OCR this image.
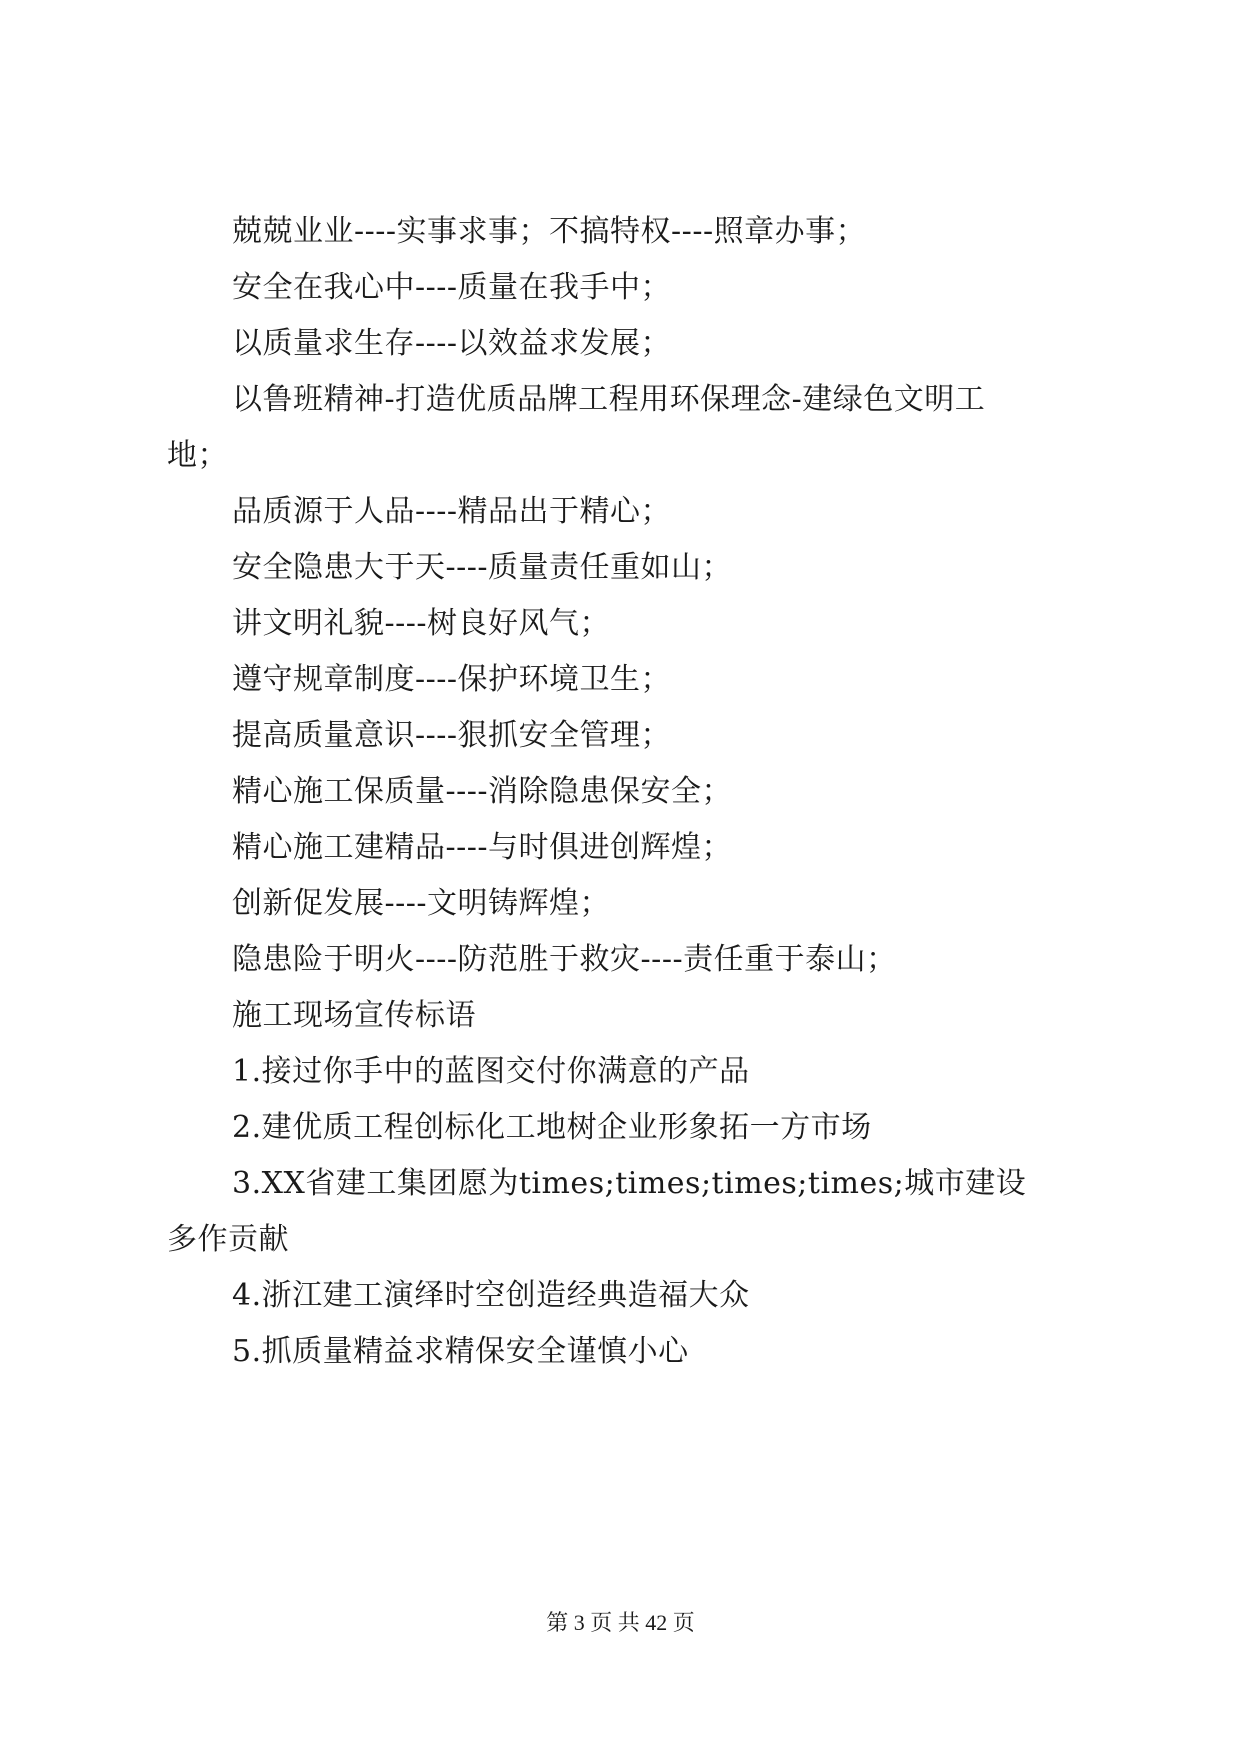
兢兢业业----实事求事；不搞特权----照章办事；
安全在我心中----质量在我手中；
以质量求生存----以效益求发展；
以鲁班精神-打造优质品牌工程用环保理念-建绿色文明工
地；
品质源于人品----精品出于精心；
安全隐患大于天----质量责任重如山；
讲文明礼貌----树良好风气；
遵守规章制度----保护环境卫生；
提高质量意识----狠抓安全管理；
精心施工保质量----消除隐患保安全；
精心施工建精品----与时俱进创辉煌；
创新促发展----文明铸辉煌；
隐患险于明火----防范胜于救灾----责任重于泰山；
施工现场宣传标语
1.接过你手中的蓝图交付你满意的产品
2.建优质工程创标化工地树企业形象拓一方市场
3.XX省建工集团愿为times;times;times;times;城市建设
多作贡献
4.浙江建工演绎时空创造经典造福大众
5.抓质量精益求精保安全谨慎小心
第 3 页 共 42 页
